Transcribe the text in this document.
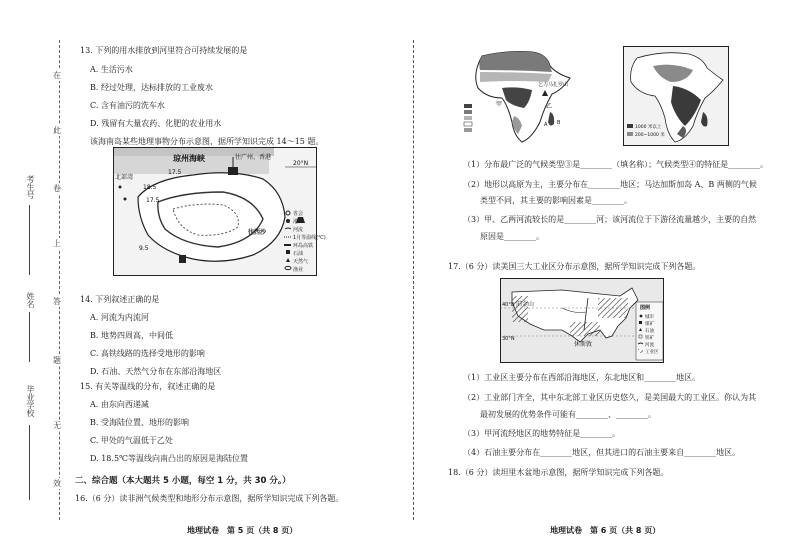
考生号
姓名
毕业学校
在
此
卷
上
答
题
无
效
13. 下列的用水排放到河里符合可持续发展的是
A. 生活污水
B. 经过处理，达标排放的工业废水
C. 含有油污的洗车水
D. 残留有大量农药、化肥的农业用水
该海南岛某些地理事物分布示意图，据所学知识完成 14～15 题。
琼州海峡	往广州、香港
20°N
北部湾
17.5
18.5
17.5
9.5
往西沙
省会
港口
河流
1月等温线(℃)
环岛高铁
石油
天然气
渔业
14. 下列叙述正确的是
A. 河流为内流河
B. 地势四周高，中间低
C. 高铁线路的选择受地形的影响
D. 石油、天然气分布在东部沿海地区
15. 有关等温线的分布，叙述正确的是
A. 由东向西递减
B. 受海陆位置、地形的影响
C. 甲处的气温低于乙处
D. 18.5℃等温线向南凸出的原因是海陆位置
二、综合题（本大题共 5 小题，每空 1 分，共 30 分。）
16.（6 分）读非洲气候类型和地形分布示意图，据所学知识完成下列各题。
地理试卷　第 5 页（共 8 页）
乞力马扎罗山
甲	乙
A B
1000 米以上
200~1000 米
（1）分布最广泛的气候类型③是________（填名称）；气候类型④的特征是________。
（2）地形以高原为主，主要分布在________地区；马达加斯加岛 A、B 两侧的气候
类型不同，其主要的影响因素是________。
（3）甲、乙两河流较长的是________河；该河流位于下游径流量越少，主要的自然
原因是________。
17.（6 分）读美国三大工业区分布示意图，据所学知识完成下列各题。
旧金山
休斯敦
40°N
30°N
图例
城市
煤矿
石油
铁矿
河流
工业区
（1）工业区主要分布在西部沿海地区，东北地区和________地区。
（2）工业部门齐全，其中东北部工业区历史悠久，是美国最大的工业区。你认为其
最初发展的优势条件可能有________、________。
（3）甲河流经地区的地势特征是________。
（4）石油主要分布在________地区，但其进口的石油主要来自________地区。
18.（6 分）读坦里木盆地示意图，据所学知识完成下列各题。
地理试卷　第 6 页（共 8 页）
